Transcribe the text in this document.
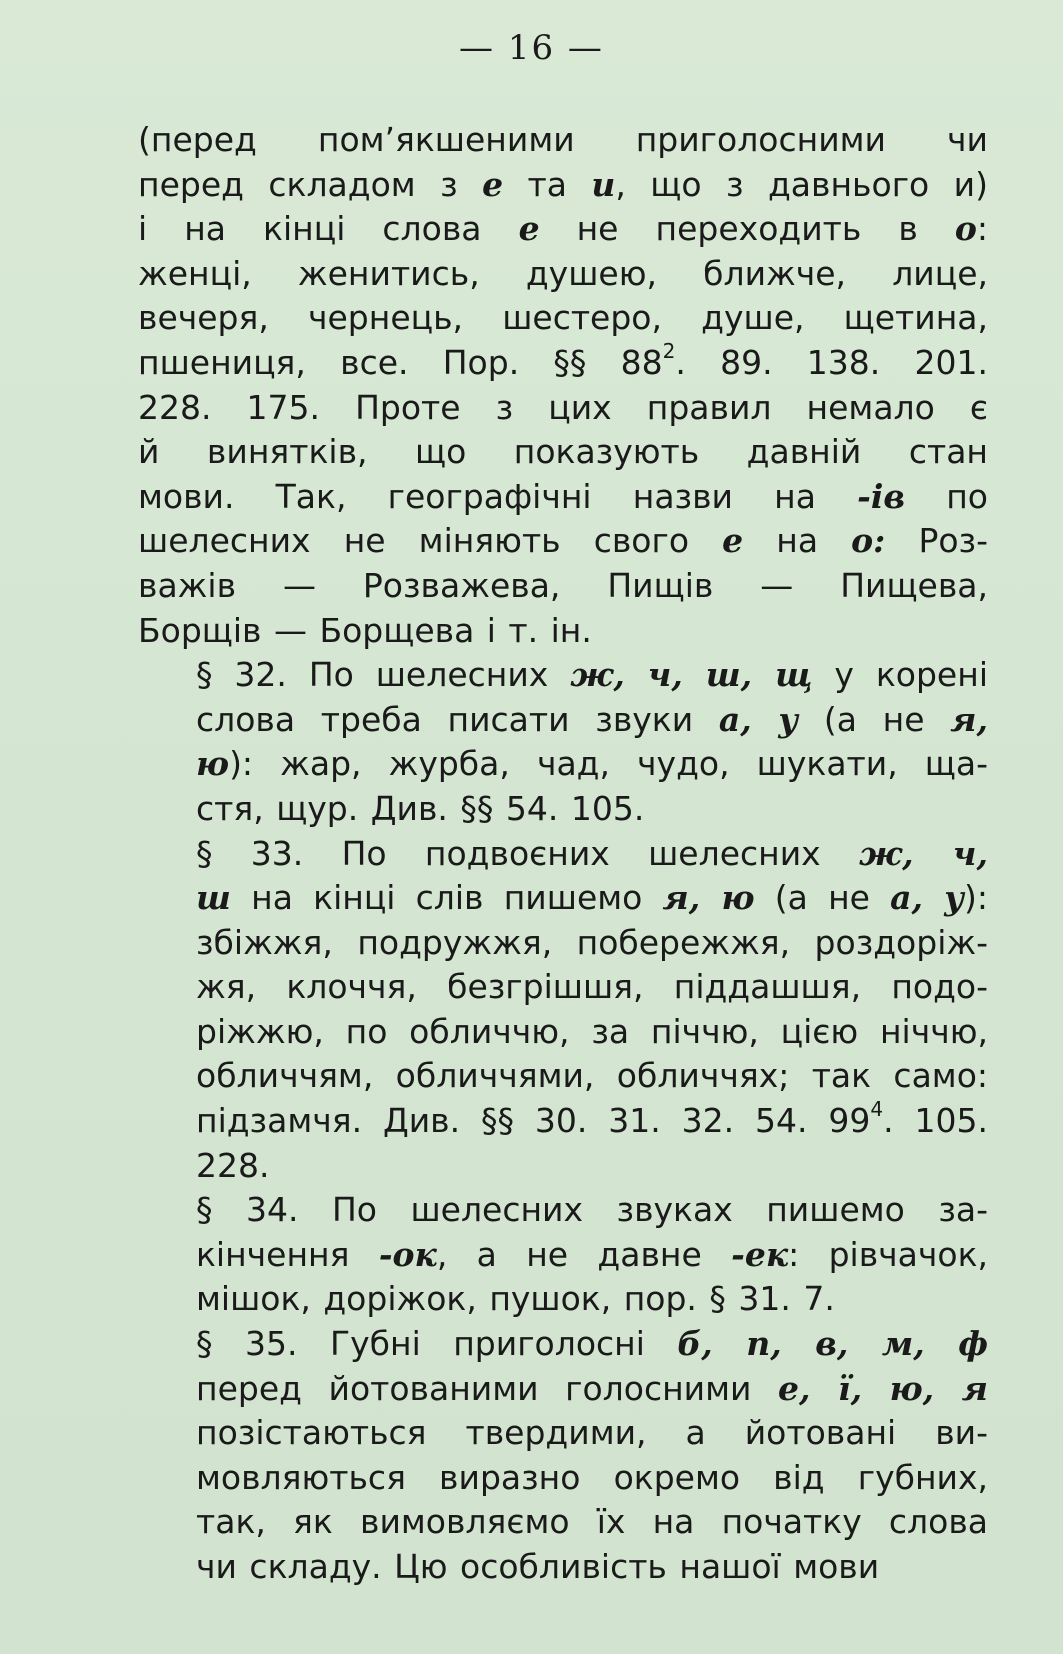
— 16 —
(перед пом’якшеними приголосними чи
перед складом з е та и, що з давнього и)
і на кінці слова е не переходить в о:
женці, женитись, душею, ближче, лице,
вечеря, чернець, шестеро, душе, щетина,
пшениця, все. Пор. §§ $88^2$. 89. 138. 201.
228. 175. Проте з цих правил немало є
й винятків, що показують давній стан
мови. Так, географічні назви на -ів по
шелесних не міняють свого е на о: Роз-
важів — Розважева, Пищів — Пищева,
Борщів — Борщева і т. ін.
§ 32. По шелесних ж, ч, ш, щ у корені
слова треба писати звуки а, у (а не я,
ю): жар, журба, чад, чудо, шукати, ща-
стя, щур. Див. §§ 54. 105.
§ 33. По подвоєних шелесних ж, ч,
ш на кінці слів пишемо я, ю (а не а, у):
збіжжя, подружжя, побережжя, роздоріж-
жя, клоччя, безгрішшя, піддашшя, подо-
ріжжю, по обличчю, за піччю, цією ніччю,
обличчям, обличчями, обличчях; так само:
підзамчя. Див. §§ 30. 31. 32. 54. $99^4$. 105.
228.
§ 34. По шелесних звуках пишемо за-
кінчення -ок, а не давне -ек: рівчачок,
мішок, доріжок, пушок, пор. § 31. 7.
§ 35. Губні приголосні б, п, в, м, ф
перед йотованими голосними е, ї, ю, я
позістаються твердими, а йотовані ви-
мовляються виразно окремо від губних,
так, як вимовляємо їх на початку слова
чи складу. Цю особливість нашої мови
